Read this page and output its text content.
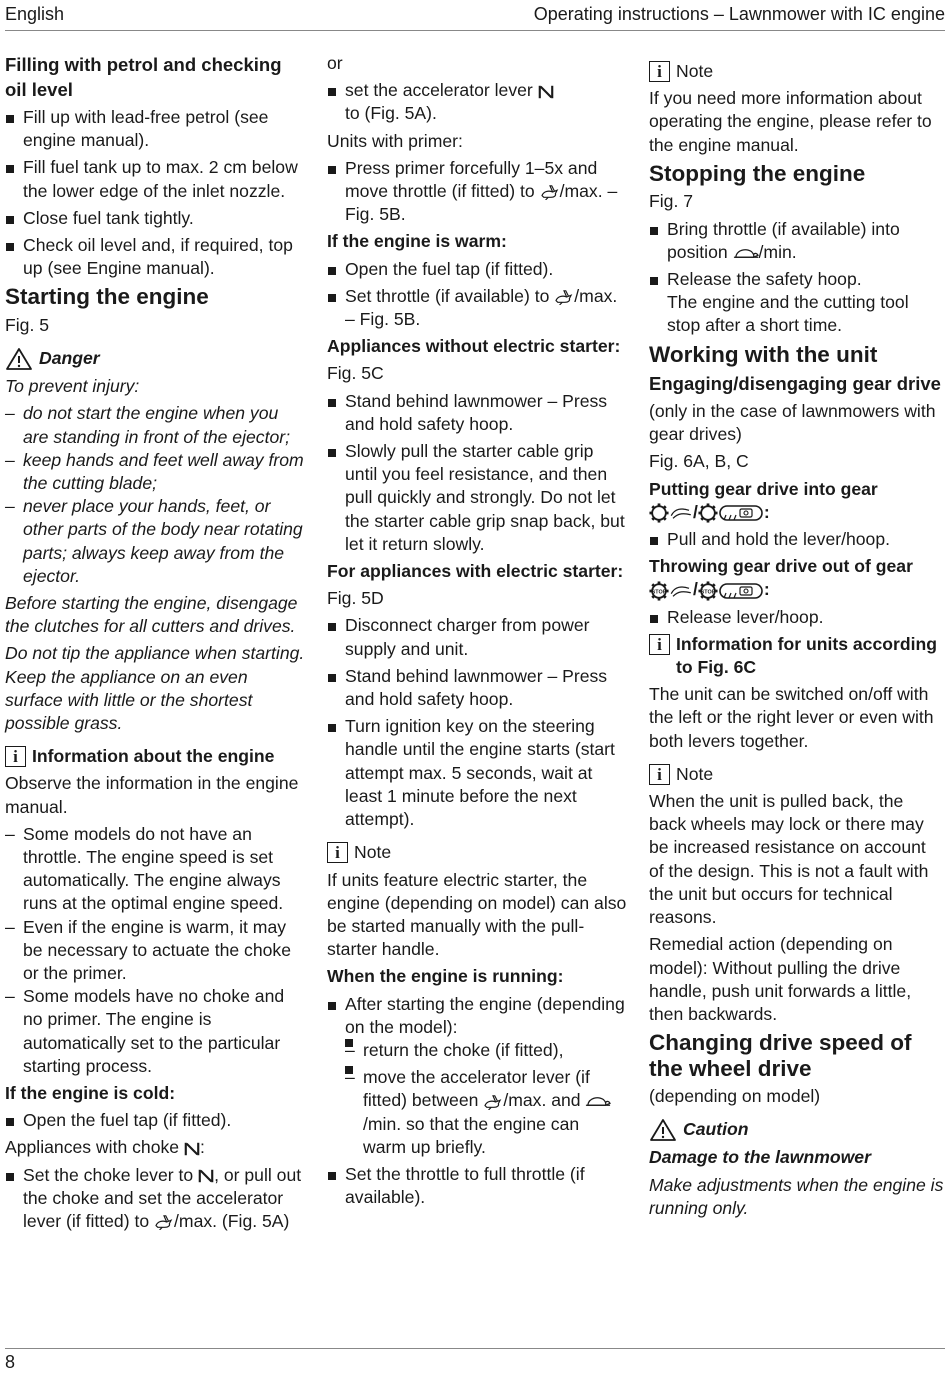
English	Operating instructions – Lawnmower with IC engine
Filling with petrol and checking oil level
Fill up with lead-free petrol (see engine manual).
Fill fuel tank up to max. 2 cm below the lower edge of the inlet nozzle.
Close fuel tank tightly.
Check oil level and, if required, top up (see Engine manual).
Starting the engine

Fig. 5

Danger

To prevent injury:

– do not start the engine when you are standing in front of the ejector;
– keep hands and feet well away from the cutting blade;
– never place your hands, feet, or other parts of the body near rotating parts; always keep away from the ejector.

Before starting the engine, disengage the clutches for all cutters and drives.

Do not tip the appliance when starting. Keep the appliance on an even surface with little or the shortest possible grass.

i Information about the engine

Observe the information in the engine manual.

– Some models do not have an throttle. The engine speed is set automatically. The engine always runs at the optimal engine speed.
– Even if the engine is warm, it may be necessary to actuate the choke or the primer.
– Some models have no choke and no primer. The engine is automatically set to the particular starting process.
If the engine is cold:
Open the fuel tap (if fitted).

Appliances with choke :

Set the choke lever to , or pull out the choke and set the accelerator lever (if fitted) to /max. (Fig. 5A)

or

set the accelerator lever
to (Fig. 5A).

Units with primer:

Press primer forcefully 1–5x and move throttle (if fitted) to /max. – Fig. 5B.
If the engine is warm:
Open the fuel tap (if fitted).
Set throttle (if available) to /max. – Fig. 5B.
Appliances without electric starter:

Fig. 5C

Stand behind lawnmower – Press and hold safety hoop.
Slowly pull the starter cable grip until you feel resistance, and then pull quickly and strongly. Do not let the starter cable grip snap back, but let it return slowly.
For appliances with electric starter:

Fig. 5D

Disconnect charger from power supply and unit.
Stand behind lawnmower – Press and hold safety hoop.
Turn ignition key on the steering handle until the engine starts (start attempt max. 5 seconds, wait at least 1 minute before the next attempt).
i Note

If units feature electric starter, the engine (depending on model) can also be started manually with the pull-starter handle.

When the engine is running:
After starting the engine (depending on the model):
– return the choke (if fitted),
– move the accelerator lever (if fitted) between /max. and /min. so that the engine can warm up briefly.
Set the throttle to full throttle (if available).
i Note

If you need more information about operating the engine, please refer to the engine manual.

Stopping the engine

Fig. 7

Bring throttle (if available) into position /min.
Release the safety hoop.
The engine and the cutting tool stop after a short time.
Working with the unit
Engaging/disengaging gear drive

(only in the case of lawnmowers with gear drives)

Fig. 6A, B, C

Putting gear drive into gear
/	:
Pull and hold the lever/hoop.
Throwing gear drive out of gear
/	:
Release lever/hoop.
i Information for units according to Fig. 6C

The unit can be switched on/off with the left or the right lever or even with both levers together.

i Note

When the unit is pulled back, the back wheels may lock or there may be increased resistance on account of the design. This is not a fault with the unit but occurs for technical reasons.

Remedial action (depending on model): Without pulling the drive handle, push unit forwards a little, then backwards.

Changing drive speed of the wheel drive

(depending on model)

Caution

Damage to the lawnmower

Make adjustments when the engine is running only.

8
